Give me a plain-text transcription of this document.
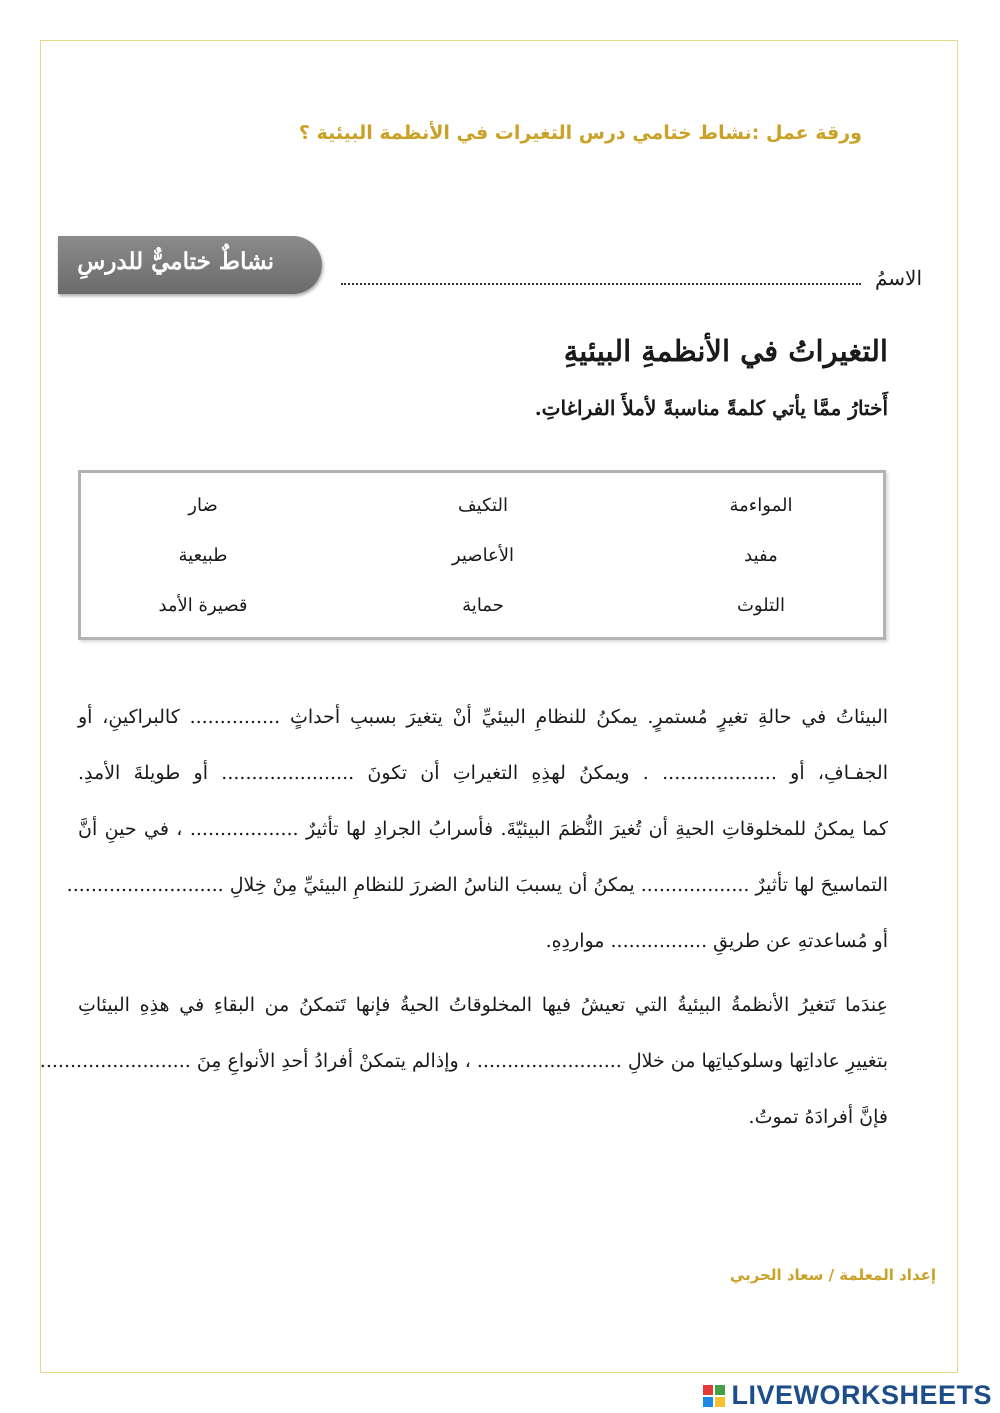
ورقة عمل :نشاط ختامي درس التغيرات في الأنظمة البيئية ؟
نشاطٌ ختاميٌّ للدرسِ
الاسمُ
التغيراتُ في الأنظمةِ البيئيةِ
أَختارُ ممَّا يأتي كلمةً مناسبةً لأملأَ الفراغاتِ.
المواءمة
التكيف
ضار
مفيد
الأعاصير
طبيعية
التلوث
حماية
قصيرة الأمد
البيئاتُ في حالةِ تغيرٍ مُستمرٍ. يمكنُ للنظامِ البيئيِّ أنْ يتغيرَ بسببِ أحداثٍ ............... كالبراكينِ، أو
الجفـافِ، أو ................... . ويمكنُ لهذِهِ التغيراتِ أن تكونَ ...................... أو طويلةَ الأمدِ.
كما يمكنُ للمخلوقاتِ الحيةِ أن تُغيرَ النُّظمَ البيئيّةَ. فأسرابُ الجرادِ لها تأثيرٌ .................. ، في حينِ أنَّ
التماسيحَ لها تأثيرٌ .................. يمكنُ أن يسببَ الناسُ الضررَ للنظامِ البيئيِّ مِنْ خِلالِ ..........................
أو مُساعدتهِ عن طريقِ ................ مواردِهِ.
عِندَما تَتغيرُ الأنظمةُ البيئيةُ التي تعيشُ فيها المخلوقاتُ الحيةُ فإنها تَتمكنُ من البقاءِ في هذِهِ البيئاتِ
بتغييرِ عاداتِها وسلوكياتِها من خلالِ ........................ ، وإذالم يتمكنْ أفرادُ أحدِ الأنواعِ مِنَ .........................
فإنَّ أفرادَهُ تموتُ.
إعداد المعلمة / سعاد الحربي
LIVEWORKSHEETS
